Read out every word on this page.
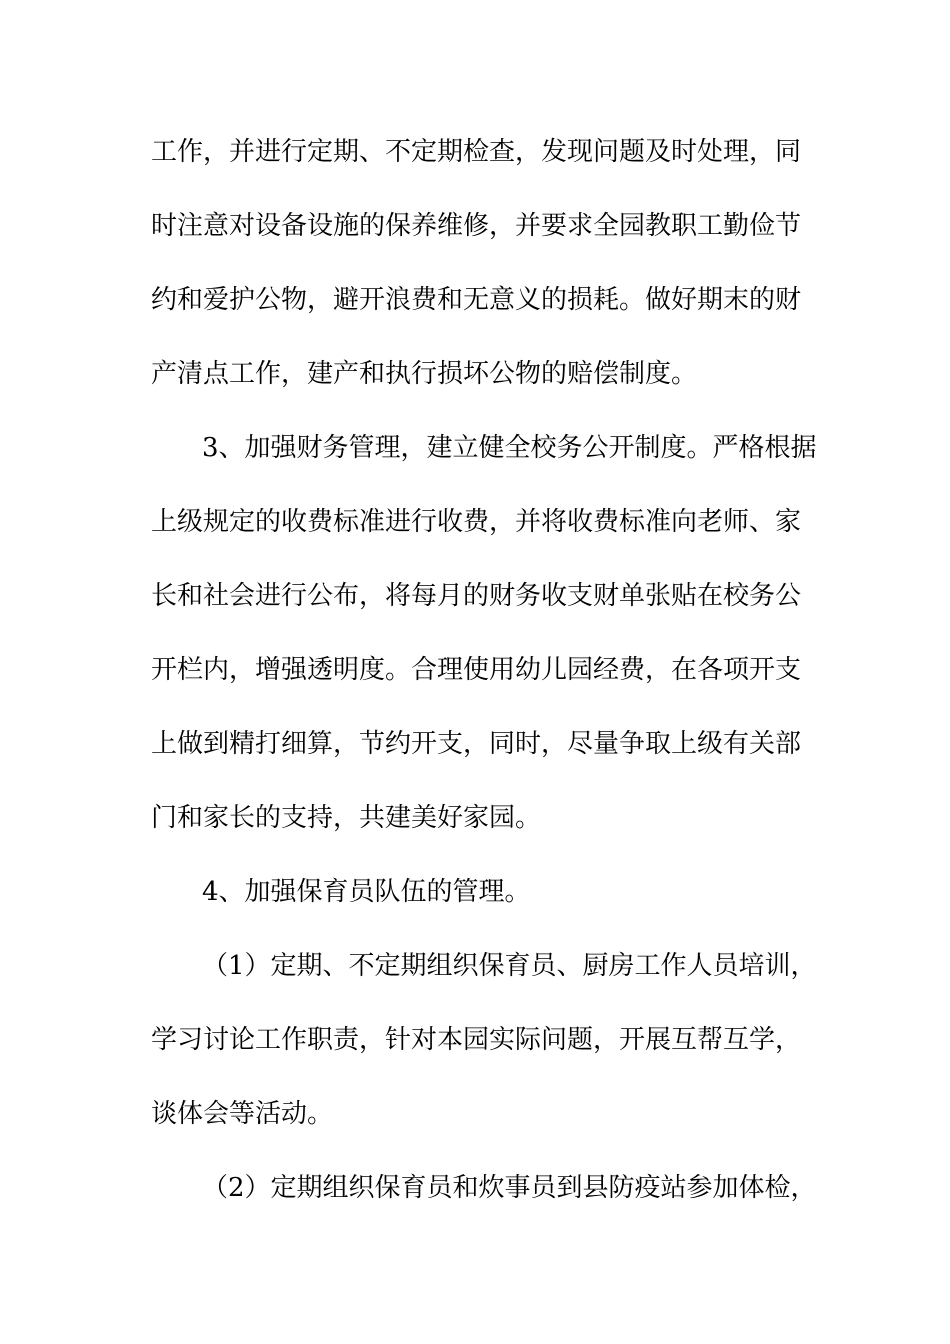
工作，并进行定期、不定期检查，发现问题及时处理，同
时注意对设备设施的保养维修，并要求全园教职工勤俭节
约和爱护公物，避开浪费和无意义的损耗。做好期末的财
产清点工作，建产和执行损坏公物的赔偿制度。
3、加强财务管理，建立健全校务公开制度。严格根据
上级规定的收费标准进行收费，并将收费标准向老师、家
长和社会进行公布，将每月的财务收支财单张贴在校务公
开栏内，增强透明度。合理使用幼儿园经费，在各项开支
上做到精打细算，节约开支，同时，尽量争取上级有关部
门和家长的支持，共建美好家园。
4、加强保育员队伍的管理。
（1）定期、不定期组织保育员、厨房工作人员培训，
学习讨论工作职责，针对本园实际问题，开展互帮互学，
谈体会等活动。
（2）定期组织保育员和炊事员到县防疫站参加体检，
